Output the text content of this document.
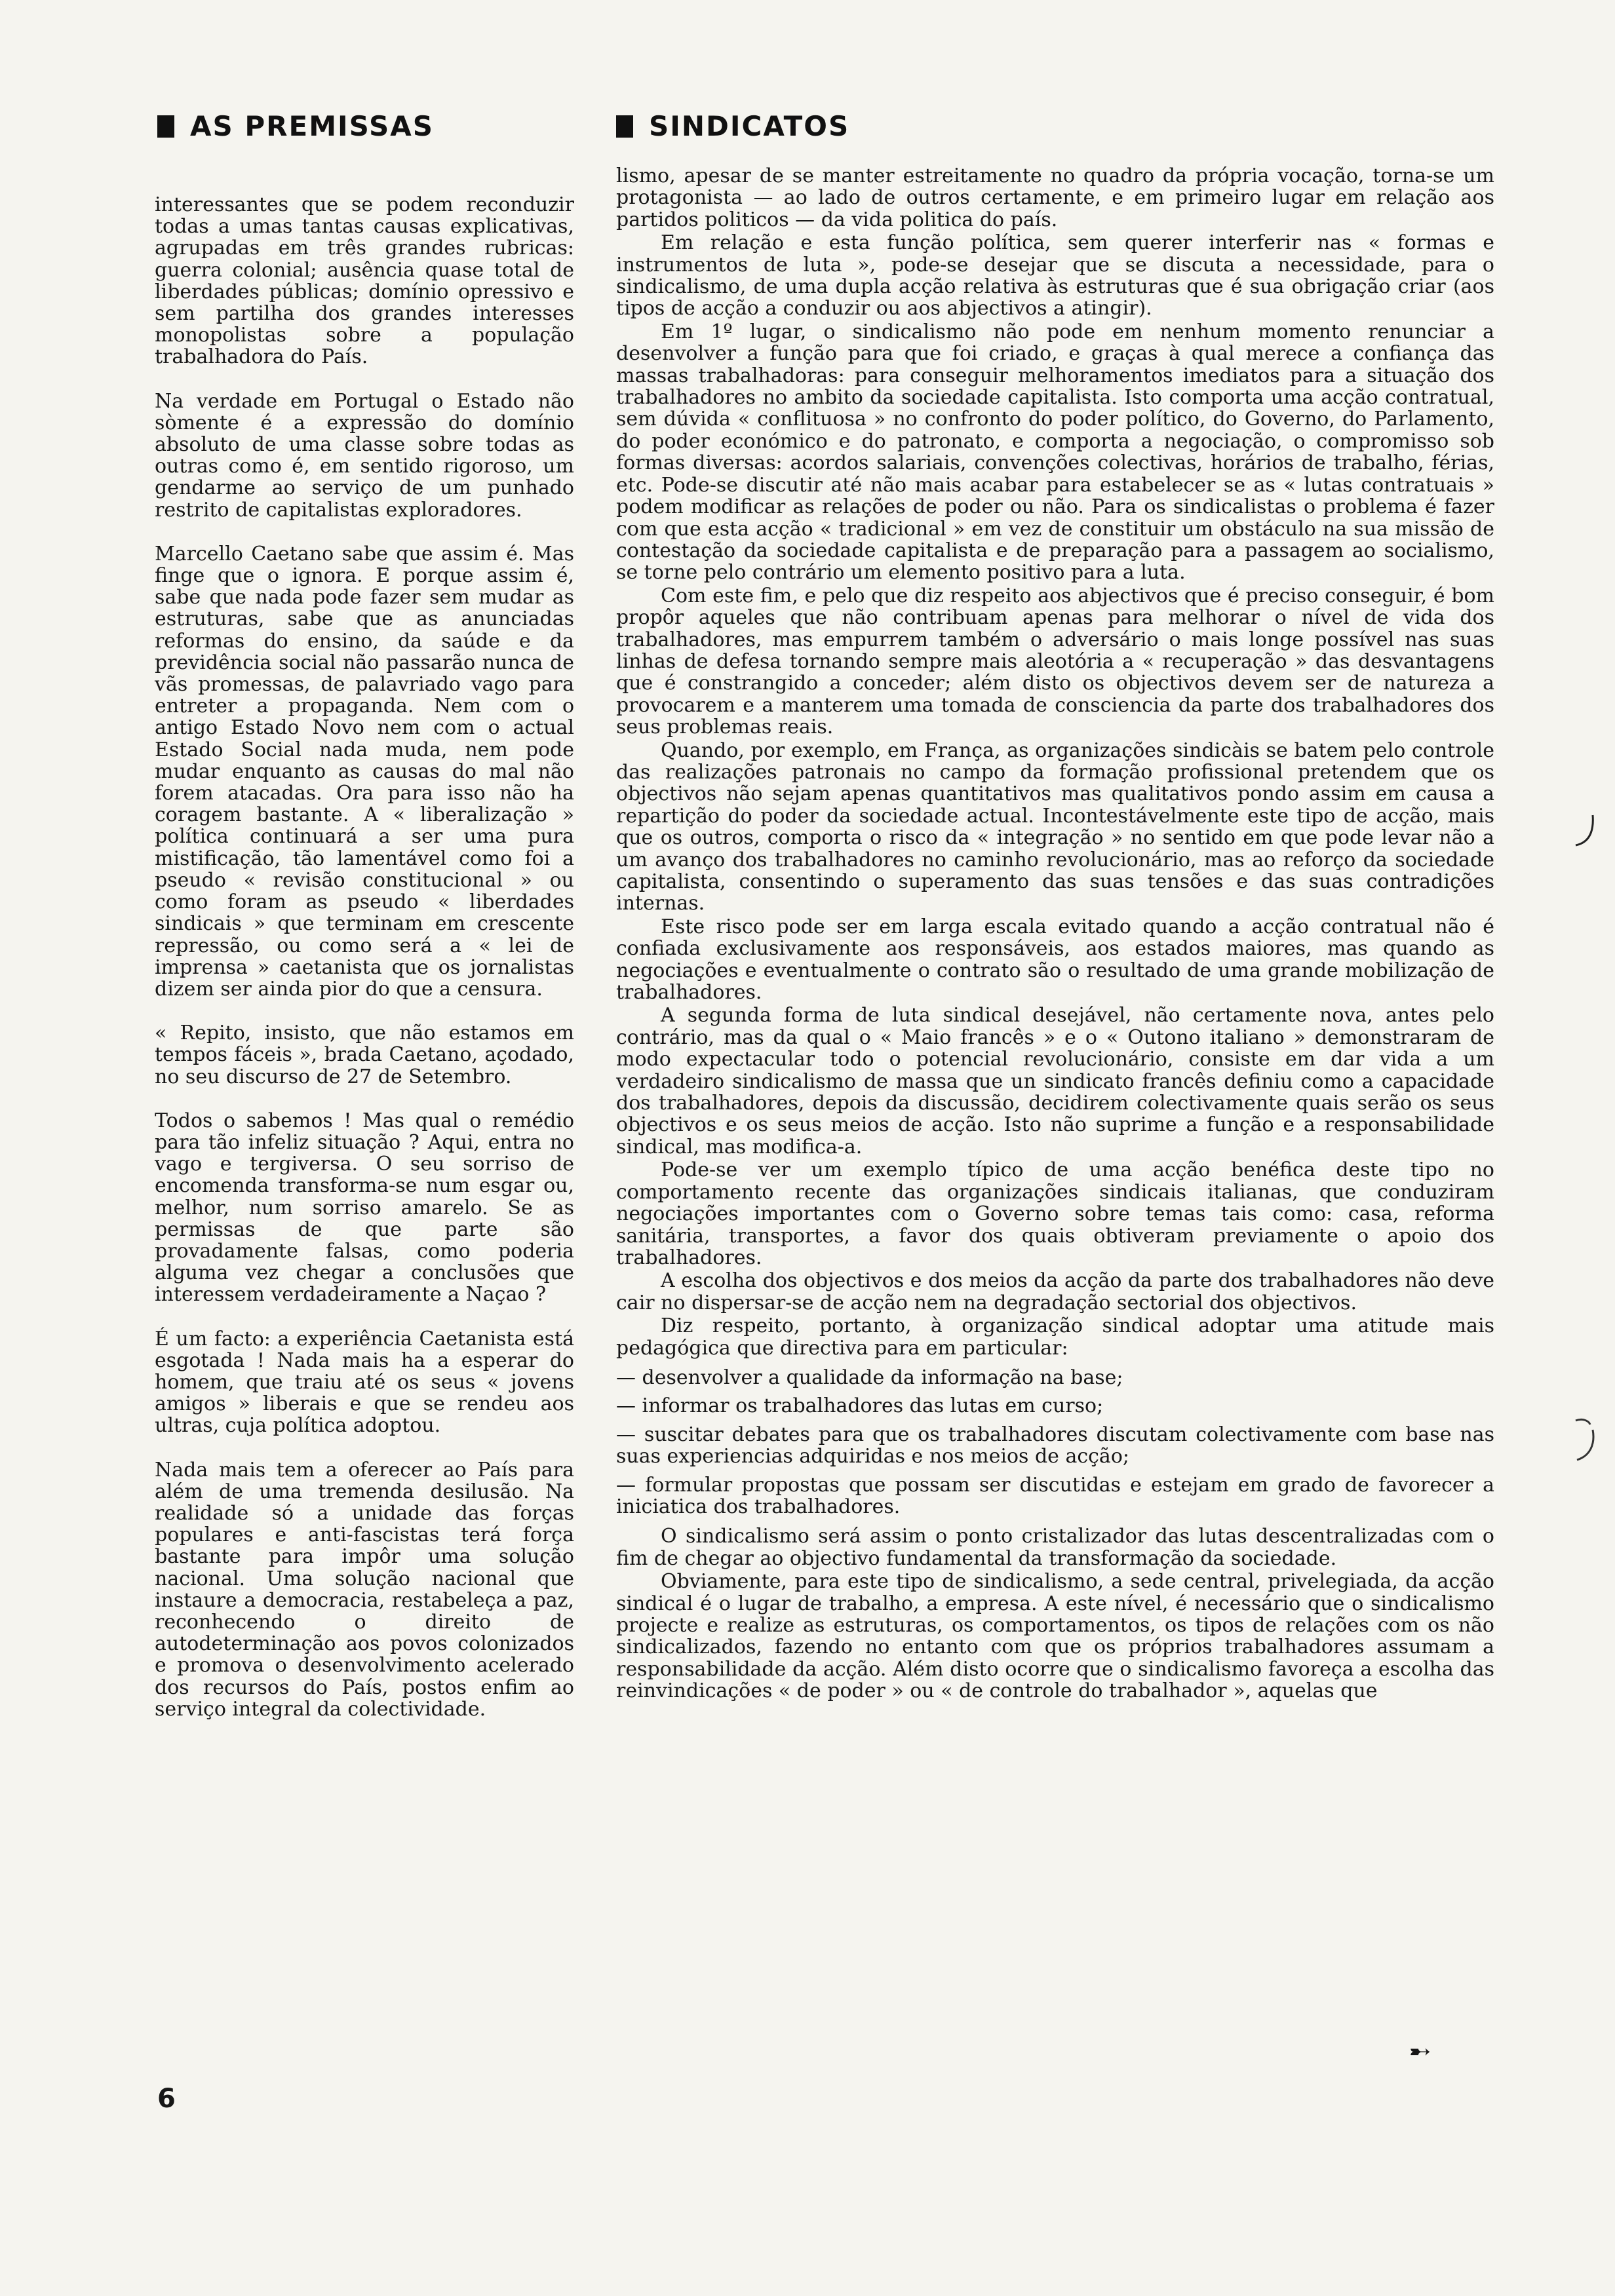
AS PREMISSAS	SINDICATOS

interessantes que se podem reconduzir todas a umas tantas causas explicativas, agrupadas em três grandes rubricas: guerra colonial; ausência quase total de liberdades públicas; domínio opressivo e sem partilha dos grandes interesses monopolistas sobre a população trabalhadora do País.

Na verdade em Portugal o Estado não sòmente é a expressão do domínio absoluto de uma classe sobre todas as outras como é, em sentido rigoroso, um gendarme ao serviço de um punhado restrito de capitalistas exploradores.

Marcello Caetano sabe que assim é. Mas finge que o ignora. E porque assim é, sabe que nada pode fazer sem mudar as estruturas, sabe que as anunciadas reformas do ensino, da saúde e da previdência social não passarão nunca de vãs promessas, de palavriado vago para entreter a propaganda. Nem com o antigo Estado Novo nem com o actual Estado Social nada muda, nem pode mudar enquanto as causas do mal não forem atacadas. Ora para isso não ha coragem bastante. A « liberalização » política continuará a ser uma pura mistificação, tão lamentável como foi a pseudo « revisão constitucional » ou como foram as pseudo « liberdades sindicais » que terminam em crescente repressão, ou como será a « lei de imprensa » caetanista que os jornalistas dizem ser ainda pior do que a censura.

« Repito, insisto, que não estamos em tempos fáceis », brada Caetano, açodado, no seu discurso de 27 de Setembro.

Todos o sabemos ! Mas qual o remédio para tão infeliz situação ? Aqui, entra no vago e tergiversa. O seu sorriso de encomenda transforma-se num esgar ou, melhor, num sorriso amarelo. Se as permissas de que parte são provadamente falsas, como poderia alguma vez chegar a conclusões que interessem verdadeiramente a Naçao ?

É um facto: a experiência Caetanista está esgotada ! Nada mais ha a esperar do homem, que traiu até os seus « jovens amigos » liberais e que se rendeu aos ultras, cuja política adoptou.

Nada mais tem a oferecer ao País para além de uma tremenda desilusão. Na realidade só a unidade das forças populares e anti-fascistas terá força bastante para impôr uma solução nacional. Uma solução nacional que instaure a democracia, restabeleça a paz, reconhecendo o direito de autodeterminação aos povos colonizados e promova o desenvolvimento acelerado dos recursos do País, postos enfim ao serviço integral da colectividade.

lismo, apesar de se manter estreitamente no quadro da própria vocação, torna-se um protagonista — ao lado de outros certamente, e em primeiro lugar em relação aos partidos politicos — da vida politica do país.

Em relação e esta função política, sem querer interferir nas « formas e instrumentos de luta », pode-se desejar que se discuta a necessidade, para o sindicalismo, de uma dupla acção relativa às estruturas que é sua obrigação criar (aos tipos de acção a conduzir ou aos abjectivos a atingir).

Em 1º lugar, o sindicalismo não pode em nenhum momento renunciar a desenvolver a função para que foi criado, e graças à qual merece a confiança das massas trabalhadoras: para conseguir melhoramentos imediatos para a situação dos trabalhadores no ambito da sociedade capitalista. Isto comporta uma acção contratual, sem dúvida « conflituosa » no confronto do poder político, do Governo, do Parlamento, do poder económico e do patronato, e comporta a negociação, o compromisso sob formas diversas: acordos salariais, convenções colectivas, horários de trabalho, férias, etc. Pode-se discutir até não mais acabar para estabelecer se as « lutas contratuais » podem modificar as relações de poder ou não. Para os sindicalistas o problema é fazer com que esta acção « tradicional » em vez de constituir um obstáculo na sua missão de contestação da sociedade capitalista e de preparação para a passagem ao socialismo, se torne pelo contrário um elemento positivo para a luta.

Com este fim, e pelo que diz respeito aos abjectivos que é preciso conseguir, é bom propôr aqueles que não contribuam apenas para melhorar o nível de vida dos trabalhadores, mas empurrem também o adversário o mais longe possível nas suas linhas de defesa tornando sempre mais aleotória a « recuperação » das desvantagens que é constrangido a conceder; além disto os objectivos devem ser de natureza a provocarem e a manterem uma tomada de consciencia da parte dos trabalhadores dos seus problemas reais.

Quando, por exemplo, em França, as organizações sindicàis se batem pelo controle das realizações patronais no campo da formação profissional pretendem que os objectivos não sejam apenas quantitativos mas qualitativos pondo assim em causa a repartição do poder da sociedade actual. Incontestávelmente este tipo de acção, mais que os outros, comporta o risco da « integração » no sentido em que pode levar não a um avanço dos trabalhadores no caminho revolucionário, mas ao reforço da sociedade capitalista, consentindo o superamento das suas tensões e das suas contradições internas.

Este risco pode ser em larga escala evitado quando a acção contratual não é confiada exclusivamente aos responsáveis, aos estados maiores, mas quando as negociações e eventualmente o contrato são o resultado de uma grande mobilização de trabalhadores.

A segunda forma de luta sindical desejável, não certamente nova, antes pelo contrário, mas da qual o « Maio francês » e o « Outono italiano » demonstraram de modo expectacular todo o potencial revolucionário, consiste em dar vida a um verdadeiro sindicalismo de massa que un sindicato francês definiu como a capacidade dos trabalhadores, depois da discussão, decidirem colectivamente quais serão os seus objectivos e os seus meios de acção. Isto não suprime a função e a responsabilidade sindical, mas modifica-a.

Pode-se ver um exemplo típico de uma acção benéfica deste tipo no comportamento recente das organizações sindicais italianas, que conduziram negociações importantes com o Governo sobre temas tais como: casa, reforma sanitária, transportes, a favor dos quais obtiveram previamente o apoio dos trabalhadores.

A escolha dos objectivos e dos meios da acção da parte dos trabalhadores não deve cair no dispersar-se de acção nem na degradação sectorial dos objectivos.

Diz respeito, portanto, à organização sindical adoptar uma atitude mais pedagógica que directiva para em particular:

— desenvolver a qualidade da informação na base;

— informar os trabalhadores das lutas em curso;

— suscitar debates para que os trabalhadores discutam colectivamente com base nas suas experiencias adquiridas e nos meios de acção;

— formular propostas que possam ser discutidas e estejam em grado de favorecer a iniciatica dos trabalhadores.

O sindicalismo será assim o ponto cristalizador das lutas descentralizadas com o fim de chegar ao objectivo fundamental da transformação da sociedade.

Obviamente, para este tipo de sindicalismo, a sede central, privelegiada, da acção sindical é o lugar de trabalho, a empresa. A este nível, é necessário que o sindicalismo projecte e realize as estruturas, os comportamentos, os tipos de relações com os não sindicalizados, fazendo no entanto com que os próprios trabalhadores assumam a responsabilidade da acção. Além disto ocorre que o sindicalismo favoreça a escolha das reinvindicações « de poder » ou « de controle do trabalhador », aquelas que

➸
6
